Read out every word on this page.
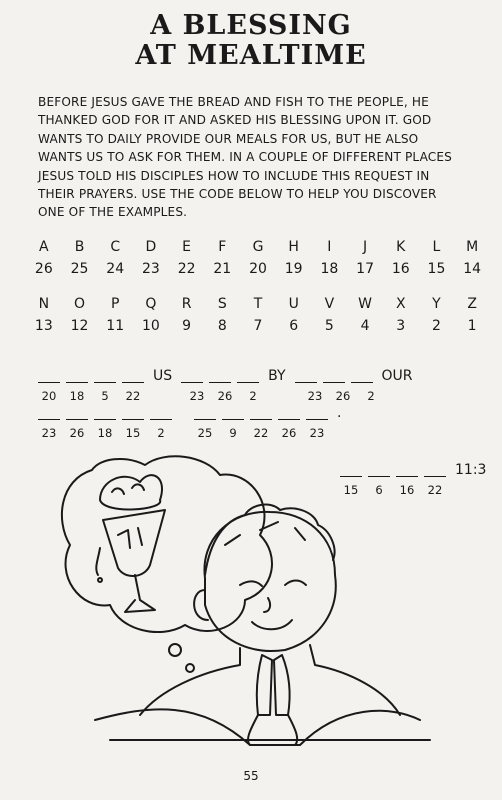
A BLESSING
AT MEALTIME
BEFORE JESUS GAVE THE BREAD AND FISH TO THE PEOPLE, HE
THANKED GOD FOR IT AND ASKED HIS BLESSING UPON IT. GOD
WANTS TO DAILY PROVIDE OUR MEALS FOR US, BUT HE ALSO
WANTS US TO ASK FOR THEM. IN A COUPLE OF DIFFERENT PLACES
JESUS TOLD HIS DISCIPLES HOW TO INCLUDE THIS REQUEST IN
THEIR PRAYERS. USE THE CODE BELOW TO HELP YOU DISCOVER
ONE OF THE EXAMPLES.
A	B	C	D	E	F	G	H	I	J	K	L	M
26	25	24	23	22	21	20	19	18	17	16	15	14
N	O	P	Q	R	S	T	U	V	W	X	Y	Z
13	12	11	10	9	8	7	6	5	4	3	2	1
US	BY	OUR
20	18	5	22	23	26	2	23	26	2
.
23	26	18	15	2	25	9	22	26	23
11:3
15	6	16	22
55
